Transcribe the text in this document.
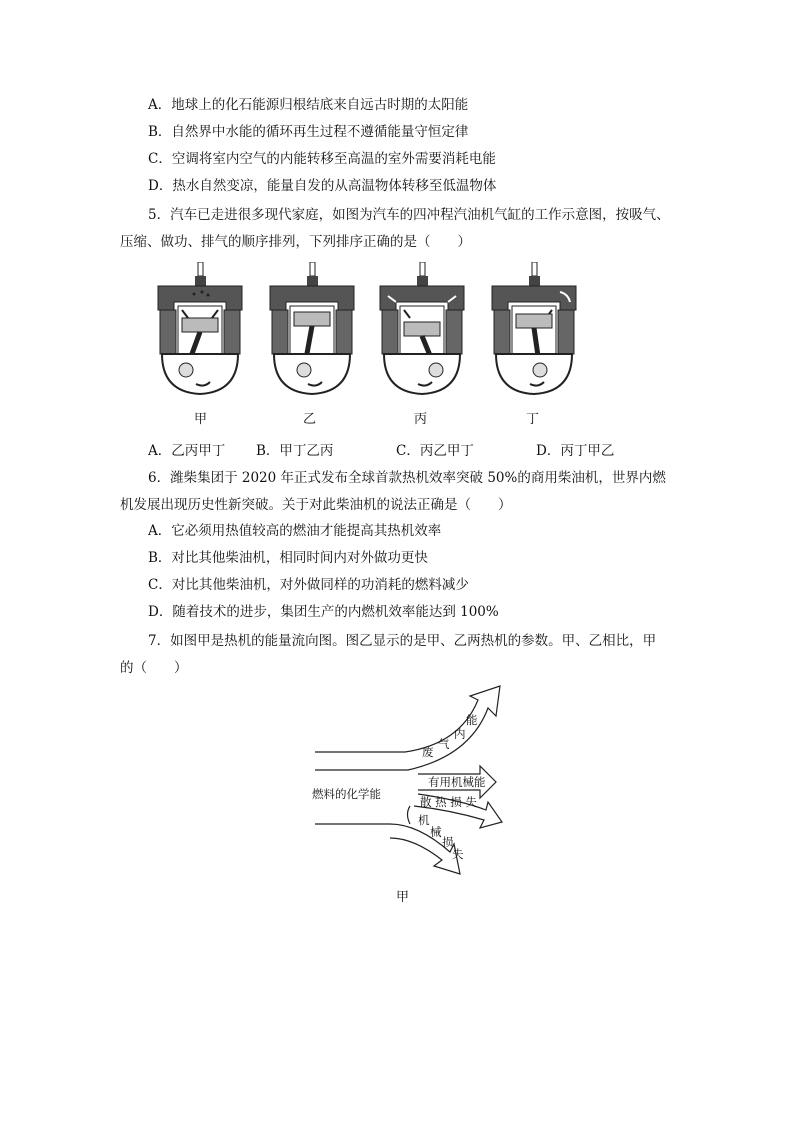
A．地球上的化石能源归根结底来自远古时期的太阳能
B．自然界中水能的循环再生过程不遵循能量守恒定律
C．空调将室内空气的内能转移至高温的室外需要消耗电能
D．热水自然变凉，能量自发的从高温物体转移至低温物体
5．汽车已走进很多现代家庭，如图为汽车的四冲程汽油机气缸的工作示意图，按吸气、
压缩、做功、排气的顺序排列，下列排序正确的是（　　）
甲	乙	丙	丁
A．乙丙甲丁 B．甲丁乙丙	C．丙乙甲丁	D．丙丁甲乙
6．潍柴集团于 2020 年正式发布全球首款热机效率突破 50%的商用柴油机，世界内燃
机发展出现历史性新突破。关于对此柴油机的说法正确是（　　）
A．它必须用热值较高的燃油才能提高其热机效率
B．对比其他柴油机，相同时间内对外做功更快
C．对比其他柴油机，对外做同样的功消耗的燃料减少
D．随着技术的进步，集团生产的内燃机效率能达到 100%
7．如图甲是热机的能量流向图。图乙显示的是甲、乙两热机的参数。甲、乙相比，甲
的（　　）
燃料的化学能
废
气
内
能
有用机械能
散 热 损 失
机
械
损
失
甲
